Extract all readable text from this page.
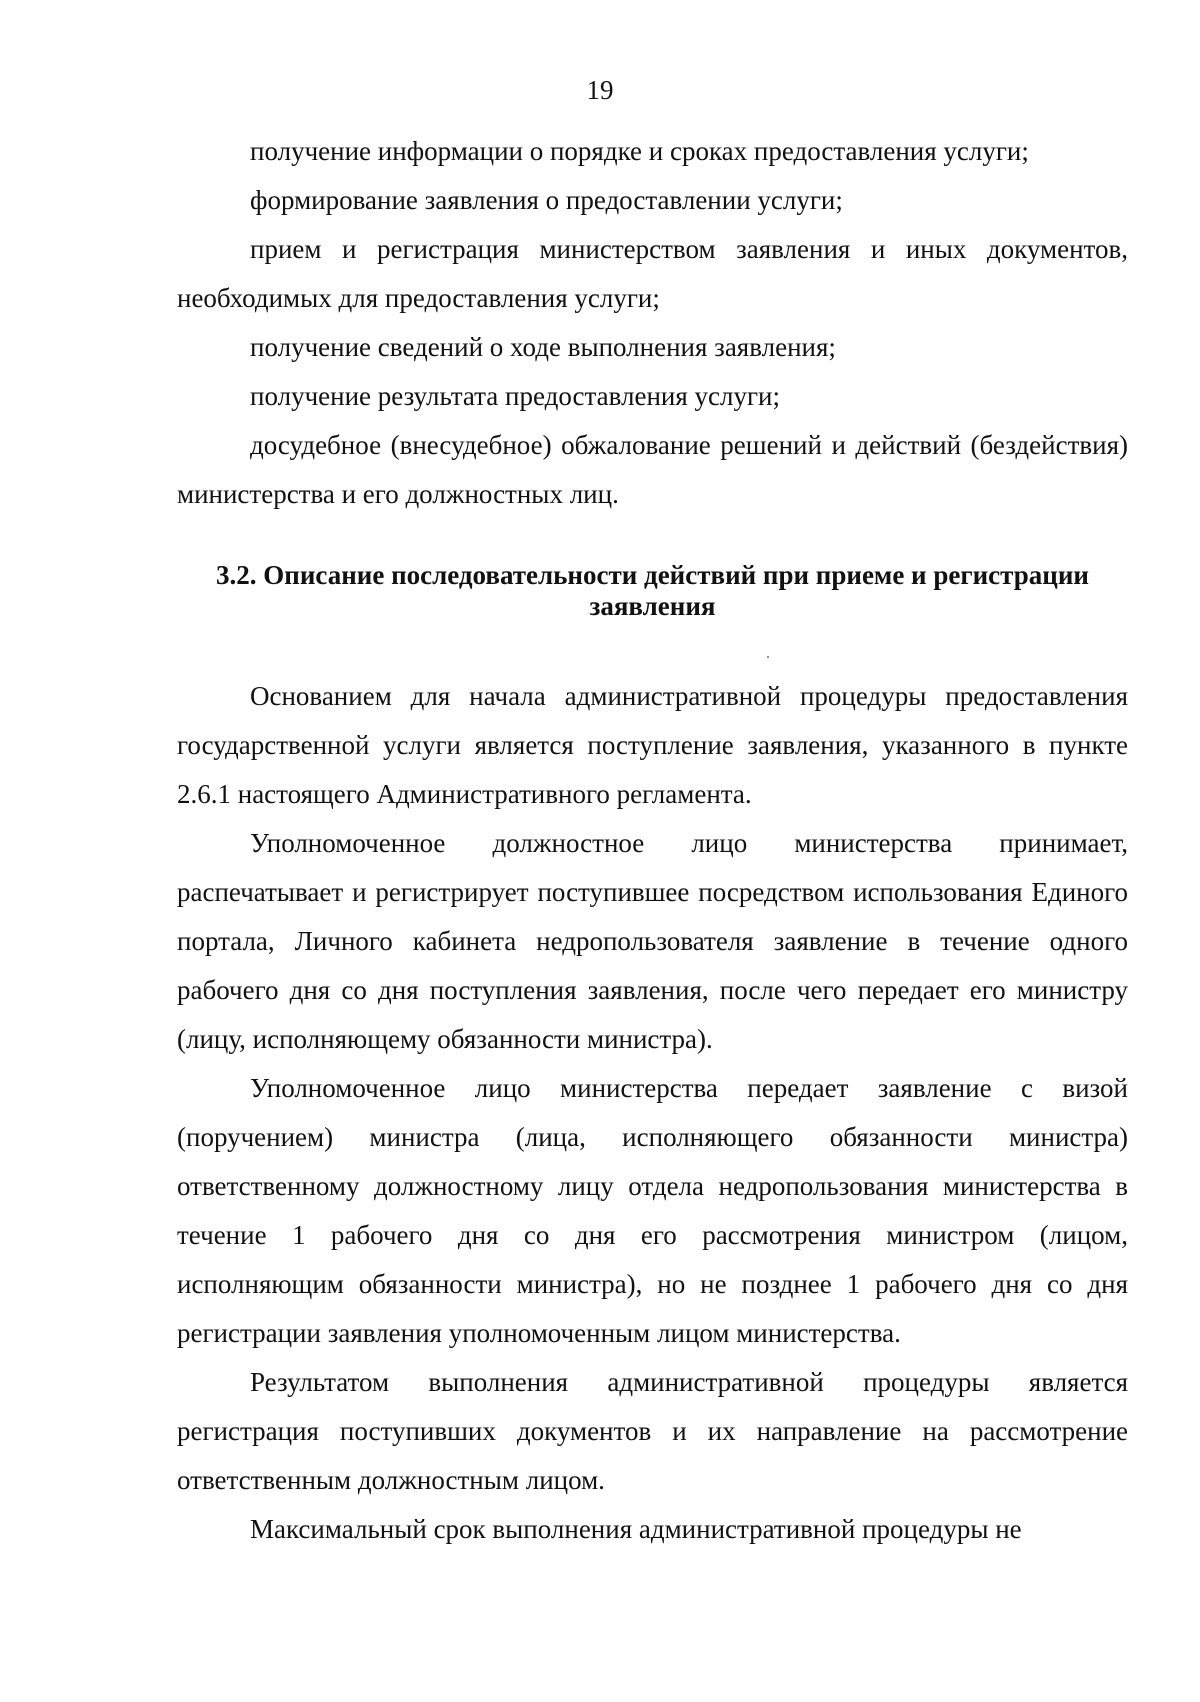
19

получение информации о порядке и сроках предоставления услуги;

формирование заявления о предоставлении услуги;

прием и регистрация министерством заявления и иных документов, необходимых для предоставления услуги;

получение сведений о ходе выполнения заявления;

получение результата предоставления услуги;

досудебное (внесудебное) обжалование решений и действий (бездействия) министерства и его должностных лиц.

3.2. Описание последовательности действий при приеме и регистрации заявления

Основанием для начала административной процедуры предоставления государственной услуги является поступление заявления, указанного в пункте 2.6.1 настоящего Административного регламента.

Уполномоченное должностное лицо министерства принимает, распечатывает и регистрирует поступившее посредством использования Единого портала, Личного кабинета недропользователя заявление в течение одного рабочего дня со дня поступления заявления, после чего передает его министру (лицу, исполняющему обязанности министра).

Уполномоченное лицо министерства передает заявление с визой (поручением) министра (лица, исполняющего обязанности министра) ответственному должностному лицу отдела недропользования министерства в течение 1 рабочего дня со дня его рассмотрения министром (лицом, исполняющим обязанности министра), но не позднее 1 рабочего дня со дня регистрации заявления уполномоченным лицом министерства.

Результатом выполнения административной процедуры является регистрация поступивших документов и их направление на рассмотрение ответственным должностным лицом.

Максимальный срок выполнения административной процедуры не
